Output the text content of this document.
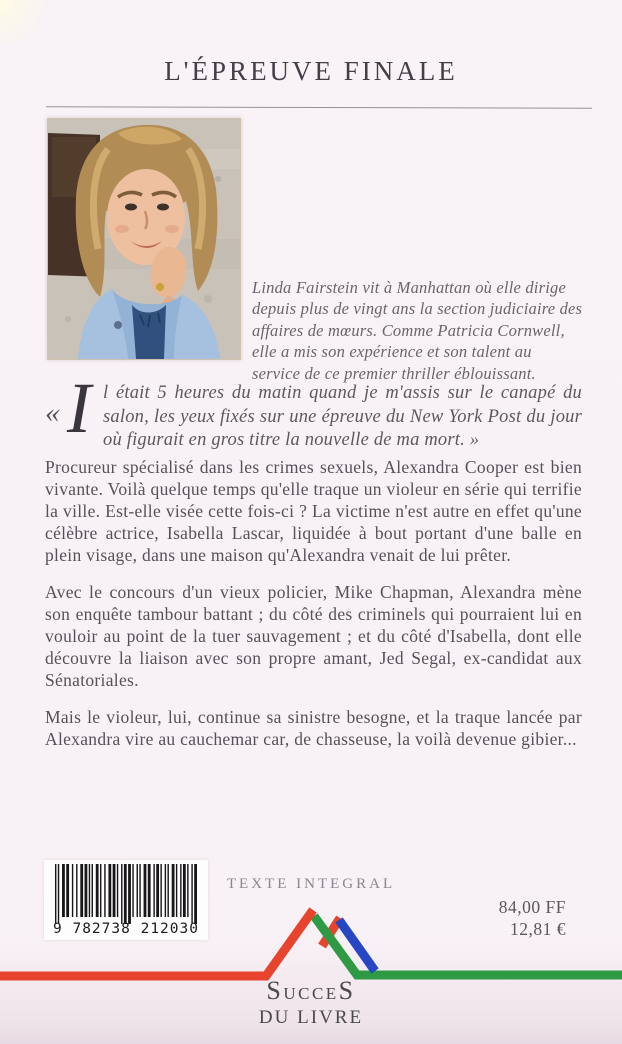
L'ÉPREUVE FINALE

Linda Fairstein vit à Manhattan où elle dirige depuis plus de vingt ans la section judiciaire des affaires de mœurs. Comme Patricia Cornwell, elle a mis son expérience et son talent au service de ce premier thriller éblouissant.

« I l était 5 heures du matin quand je m'assis sur le canapé du salon, les yeux fixés sur une épreuve du New York Post du jour où figurait en gros titre la nouvelle de ma mort. »

Procureur spécialisé dans les crimes sexuels, Alexandra Cooper est bien vivante. Voilà quelque temps qu'elle traque un violeur en série qui terrifie la ville. Est-elle visée cette fois-ci ? La victime n'est autre en effet qu'une célèbre actrice, Isabella Lascar, liquidée à bout portant d'une balle en plein visage, dans une maison qu'Alexandra venait de lui prêter.

Avec le concours d'un vieux policier, Mike Chapman, Alexandra mène son enquête tambour battant ; du côté des criminels qui pourraient lui en vouloir au point de la tuer sauvagement ; et du côté d'Isabella, dont elle découvre la liaison avec son propre amant, Jed Segal, ex-candidat aux Sénatoriales.

Mais le violeur, lui, continue sa sinistre besogne, et la traque lancée par Alexandra vire au cauchemar car, de chasseuse, la voilà devenue gibier...

TEXTE INTEGRAL
9 782738 212030
84,00 FF
12,81 €
SUCCES
DU LIVRE
